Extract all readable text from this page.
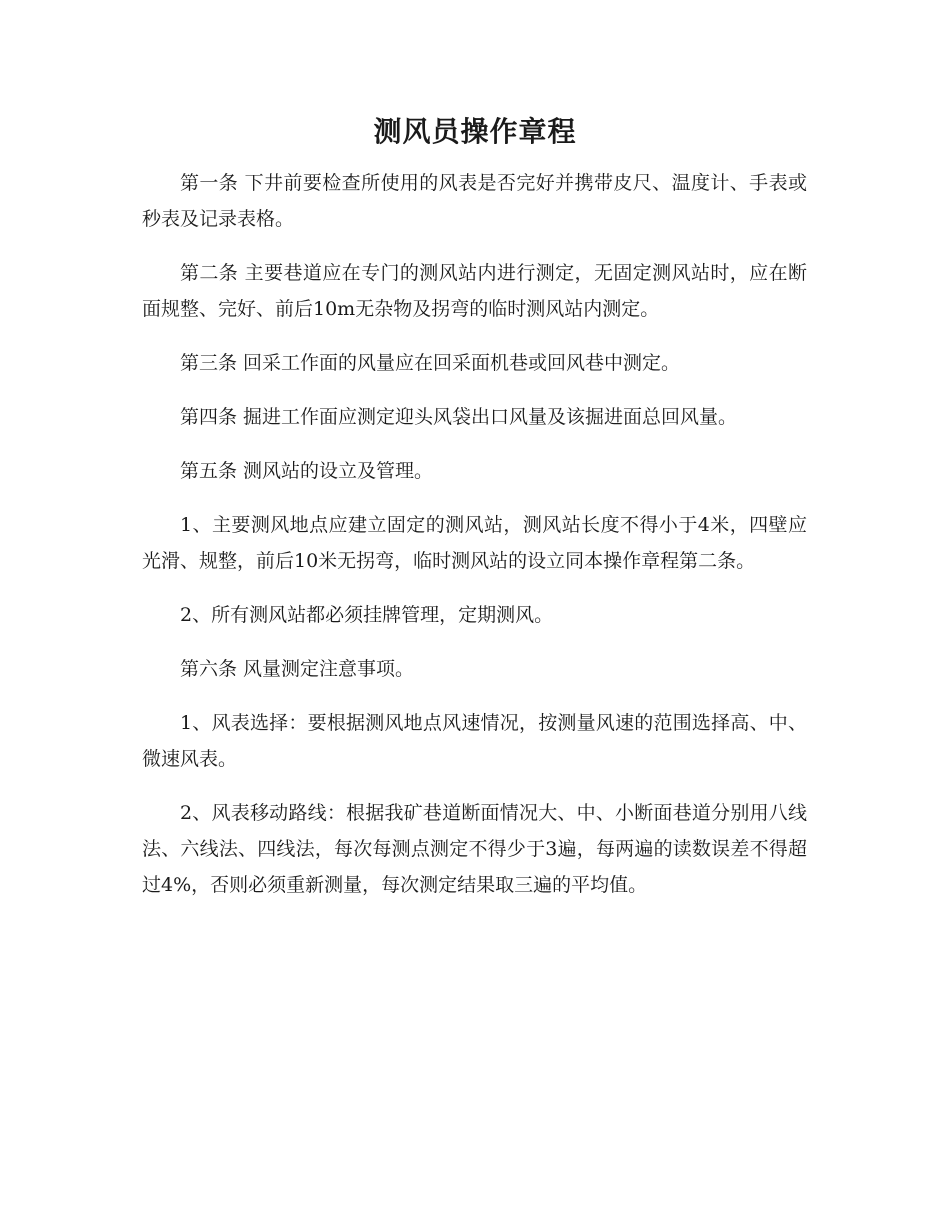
测风员操作章程

第一条 下井前要检查所使用的风表是否完好并携带皮尺、温度计、手表或秒表及记录表格。

第二条 主要巷道应在专门的测风站内进行测定，无固定测风站时，应在断面规整、完好、前后10m无杂物及拐弯的临时测风站内测定。

第三条 回采工作面的风量应在回采面机巷或回风巷中测定。

第四条 掘进工作面应测定迎头风袋出口风量及该掘进面总回风量。

第五条 测风站的设立及管理。

1、主要测风地点应建立固定的测风站，测风站长度不得小于4米，四壁应光滑、规整，前后10米无拐弯，临时测风站的设立同本操作章程第二条。

2、所有测风站都必须挂牌管理，定期测风。

第六条 风量测定注意事项。

1、风表选择：要根据测风地点风速情况，按测量风速的范围选择高、中、微速风表。

2、风表移动路线：根据我矿巷道断面情况大、中、小断面巷道分别用八线法、六线法、四线法，每次每测点测定不得少于3遍，每两遍的读数误差不得超过4%，否则必须重新测量，每次测定结果取三遍的平均值。
